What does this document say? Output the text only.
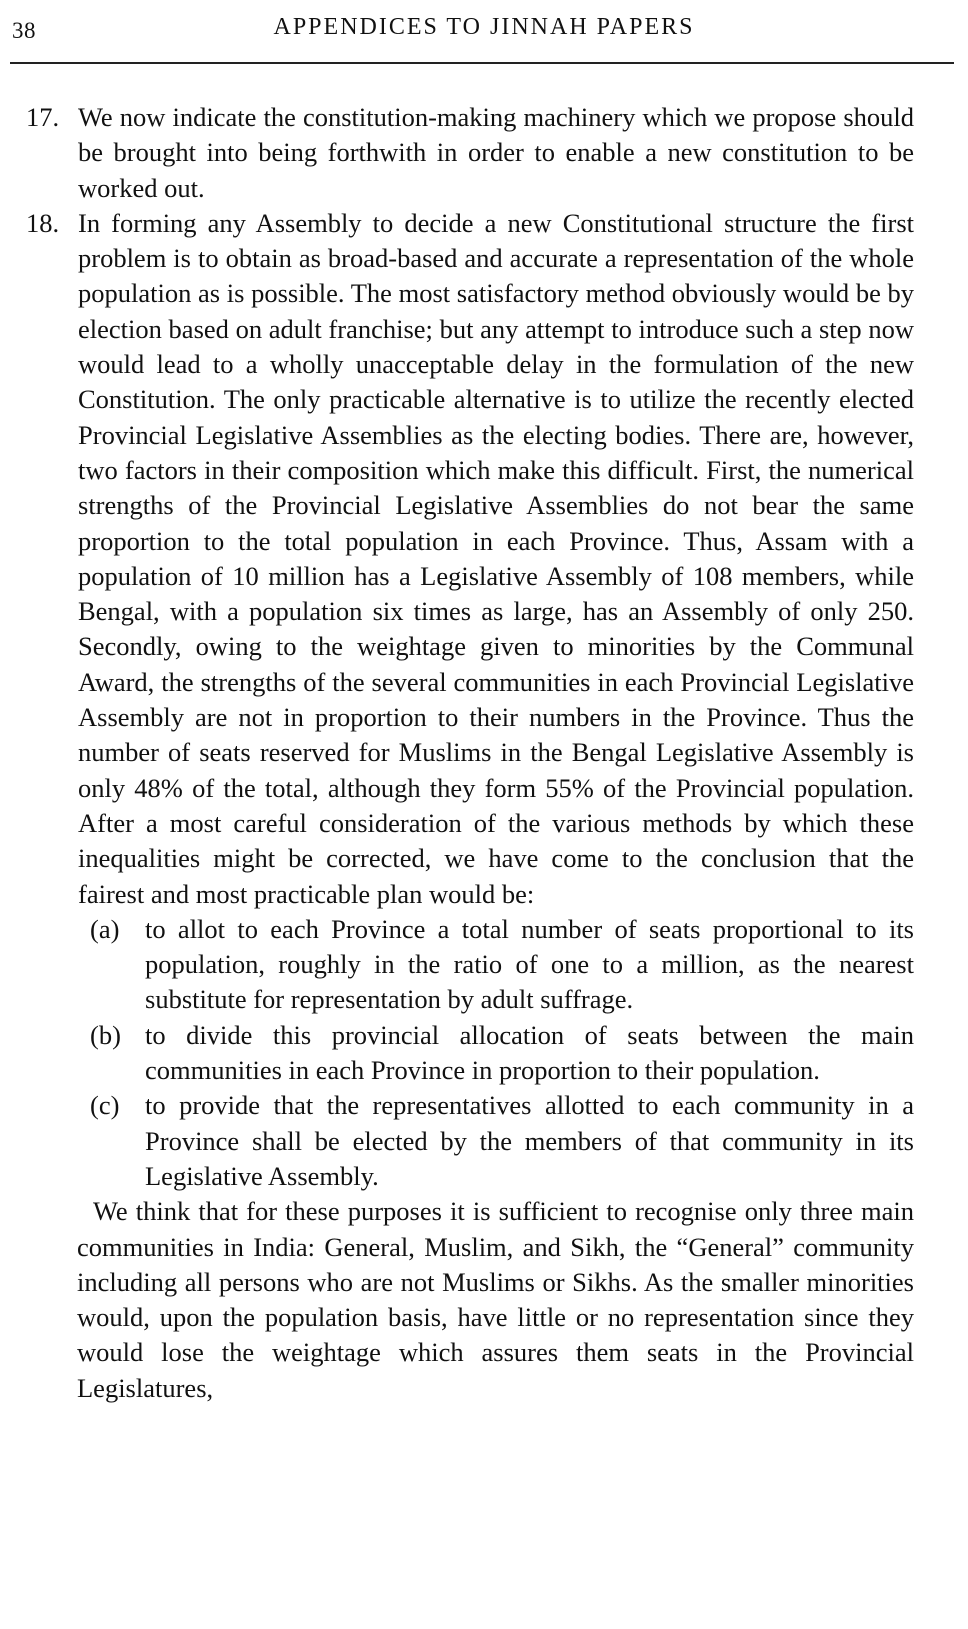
38	APPENDICES TO JINNAH PAPERS

17. We now indicate the constitution-making machinery which we propose should be brought into being forthwith in order to enable a new constitution to be worked out.

18. In forming any Assembly to decide a new Constitutional structure the first problem is to obtain as broad-based and accurate a representation of the whole population as is possible. The most satisfactory method obviously would be by election based on adult franchise; but any attempt to introduce such a step now would lead to a wholly unacceptable delay in the formulation of the new Constitution. The only practicable alternative is to utilize the recently elected Provincial Legislative Assemblies as the electing bodies. There are, however, two factors in their composition which make this difficult. First, the numerical strengths of the Provincial Legislative Assemblies do not bear the same proportion to the total population in each Province. Thus, Assam with a population of 10 million has a Legislative Assembly of 108 members, while Bengal, with a population six times as large, has an Assembly of only 250. Secondly, owing to the weightage given to minorities by the Communal Award, the strengths of the several communities in each Provincial Legislative Assembly are not in proportion to their numbers in the Province. Thus the number of seats reserved for Muslims in the Bengal Legislative Assembly is only 48% of the total, although they form 55% of the Provincial population. After a most careful consideration of the various methods by which these inequalities might be corrected, we have come to the conclusion that the fairest and most practicable plan would be:

(a) to allot to each Province a total number of seats proportional to its population, roughly in the ratio of one to a million, as the nearest substitute for representation by adult suffrage.

(b) to divide this provincial allocation of seats between the main communities in each Province in proportion to their population.

(c) to provide that the representatives allotted to each community in a Province shall be elected by the members of that community in its Legislative Assembly.

We think that for these purposes it is sufficient to recognise only three main communities in India: General, Muslim, and Sikh, the “General” community including all persons who are not Muslims or Sikhs. As the smaller minorities would, upon the population basis, have little or no representation since they would lose the weightage which assures them seats in the Provincial Legislatures,
